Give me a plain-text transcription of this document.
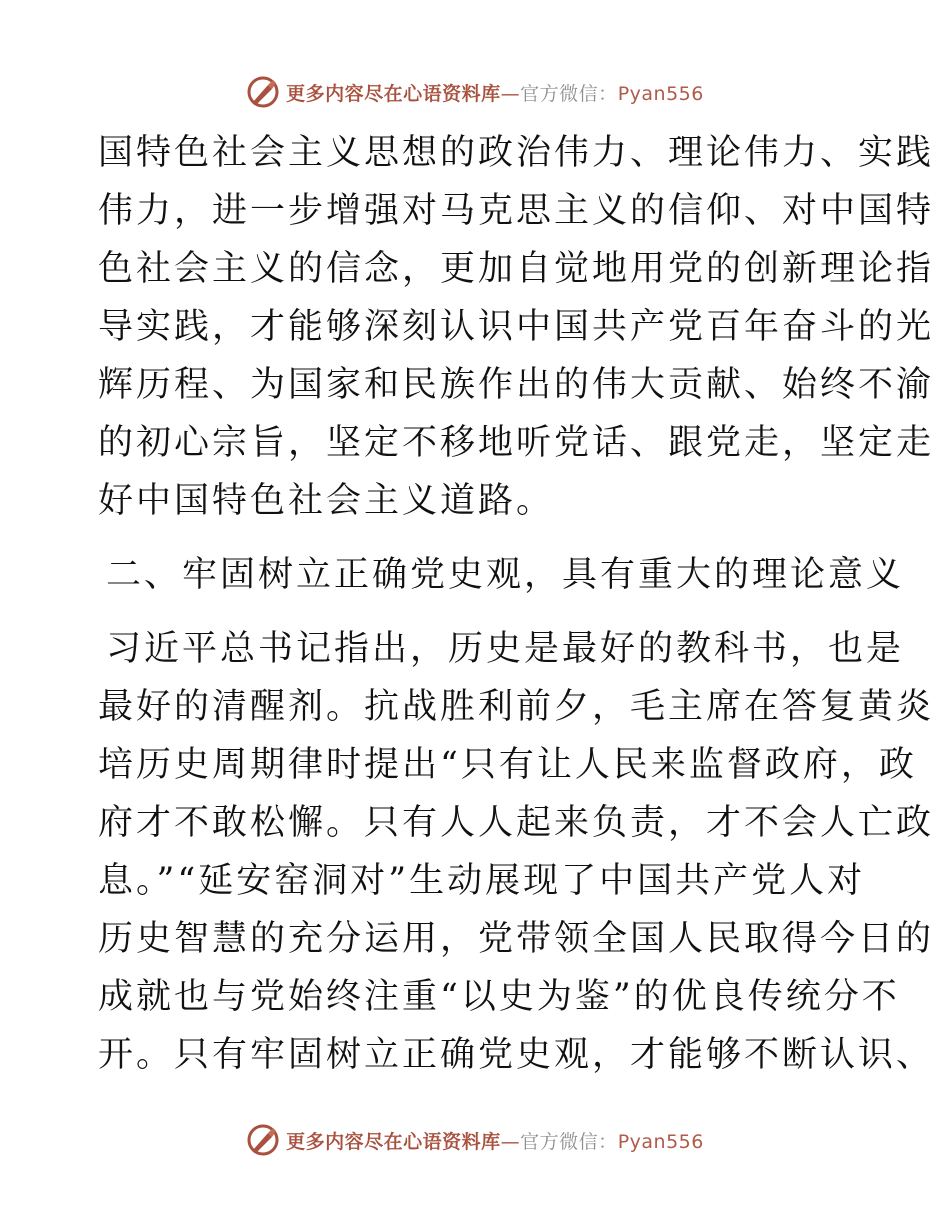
更多内容尽在心语资料库—官方微信：Pyan556
国特色社会主义思想的政治伟力、理论伟力、实践
伟力，进一步增强对马克思主义的信仰、对中国特
色社会主义的信念，更加自觉地用党的创新理论指
导实践，才能够深刻认识中国共产党百年奋斗的光
辉历程、为国家和民族作出的伟大贡献、始终不渝
的初心宗旨，坚定不移地听党话、跟党走，坚定走
好中国特色社会主义道路。
二、牢固树立正确党史观，具有重大的理论意义
习近平总书记指出，历史是最好的教科书，也是
最好的清醒剂。抗战胜利前夕，毛主席在答复黄炎
培历史周期律时提出“只有让人民来监督政府，政
府才不敢松懈。只有人人起来负责，才不会人亡政
息。”“延安窑洞对”生动展现了中国共产党人对
历史智慧的充分运用，党带领全国人民取得今日的
成就也与党始终注重“以史为鉴”的优良传统分不
开。只有牢固树立正确党史观，才能够不断认识、
更多内容尽在心语资料库—官方微信：Pyan556
